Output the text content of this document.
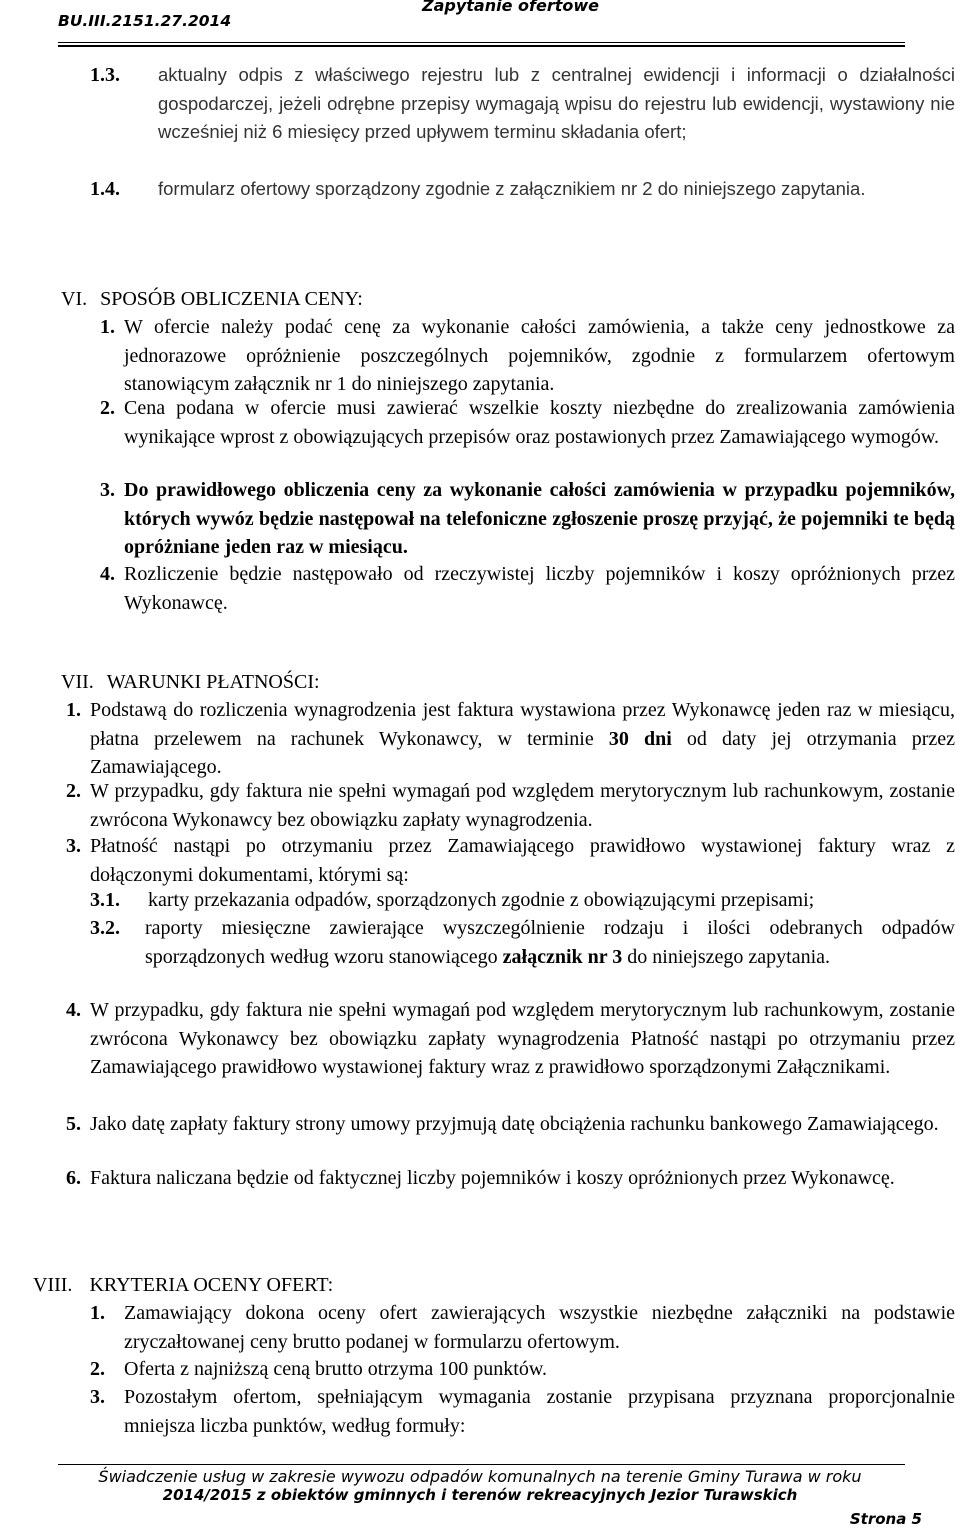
BU.III.2151.27.2014
Zapytanie ofertowe
1.3. aktualny odpis z właściwego rejestru lub z centralnej ewidencji i informacji o działalności gospodarczej, jeżeli odrębne przepisy wymagają wpisu do rejestru lub ewidencji, wystawiony nie wcześniej niż 6 miesięcy przed upływem terminu składania ofert;
1.4. formularz ofertowy sporządzony zgodnie z załącznikiem nr 2 do niniejszego zapytania.
VI. SPOSÓB OBLICZENIA CENY:
1. W ofercie należy podać cenę za wykonanie całości zamówienia, a także ceny jednostkowe za jednorazowe opróżnienie poszczególnych pojemników, zgodnie z formularzem ofertowym stanowiącym załącznik nr 1 do niniejszego zapytania.
2. Cena podana w ofercie musi zawierać wszelkie koszty niezbędne do zrealizowania zamówienia wynikające wprost z obowiązujących przepisów oraz postawionych przez Zamawiającego wymogów.
3. Do prawidłowego obliczenia ceny za wykonanie całości zamówienia w przypadku pojemników, których wywóz będzie następował na telefoniczne zgłoszenie proszę przyjąć, że pojemniki te będą opróżniane jeden raz w miesiącu.
4. Rozliczenie będzie następowało od rzeczywistej liczby pojemników i koszy opróżnionych przez Wykonawcę.
VII. WARUNKI PŁATNOŚCI:
1. Podstawą do rozliczenia wynagrodzenia jest faktura wystawiona przez Wykonawcę jeden raz w miesiącu, płatna przelewem na rachunek Wykonawcy, w terminie 30 dni od daty jej otrzymania przez Zamawiającego.
2. W przypadku, gdy faktura nie spełni wymagań pod względem merytorycznym lub rachunkowym, zostanie zwrócona Wykonawcy bez obowiązku zapłaty wynagrodzenia.
3. Płatność nastąpi po otrzymaniu przez Zamawiającego prawidłowo wystawionej faktury wraz z dołączonymi dokumentami, którymi są:
3.1. karty przekazania odpadów, sporządzonych zgodnie z obowiązującymi przepisami;
3.2. raporty miesięczne zawierające wyszczególnienie rodzaju i ilości odebranych odpadów sporządzonych według wzoru stanowiącego załącznik nr 3 do niniejszego zapytania.
4. W przypadku, gdy faktura nie spełni wymagań pod względem merytorycznym lub rachunkowym, zostanie zwrócona Wykonawcy bez obowiązku zapłaty wynagrodzenia Płatność nastąpi po otrzymaniu przez Zamawiającego prawidłowo wystawionej faktury wraz z prawidłowo sporządzonymi Załącznikami.
5. Jako datę zapłaty faktury strony umowy przyjmują datę obciążenia rachunku bankowego Zamawiającego.
6. Faktura naliczana będzie od faktycznej liczby pojemników i koszy opróżnionych przez Wykonawcę.
VIII. KRYTERIA OCENY OFERT:
1. Zamawiający dokona oceny ofert zawierających wszystkie niezbędne załączniki na podstawie zryczałtowanej ceny brutto podanej w formularzu ofertowym.
2. Oferta z najniższą ceną brutto otrzyma 100 punktów.
3. Pozostałym ofertom, spełniającym wymagania zostanie przypisana przyznana proporcjonalnie mniejsza liczba punktów, według formuły:
Świadczenie usług w zakresie wywozu odpadów komunalnych na terenie Gminy Turawa w roku
2014/2015 z obiektów gminnych i terenów rekreacyjnych Jezior Turawskich
Strona 5
